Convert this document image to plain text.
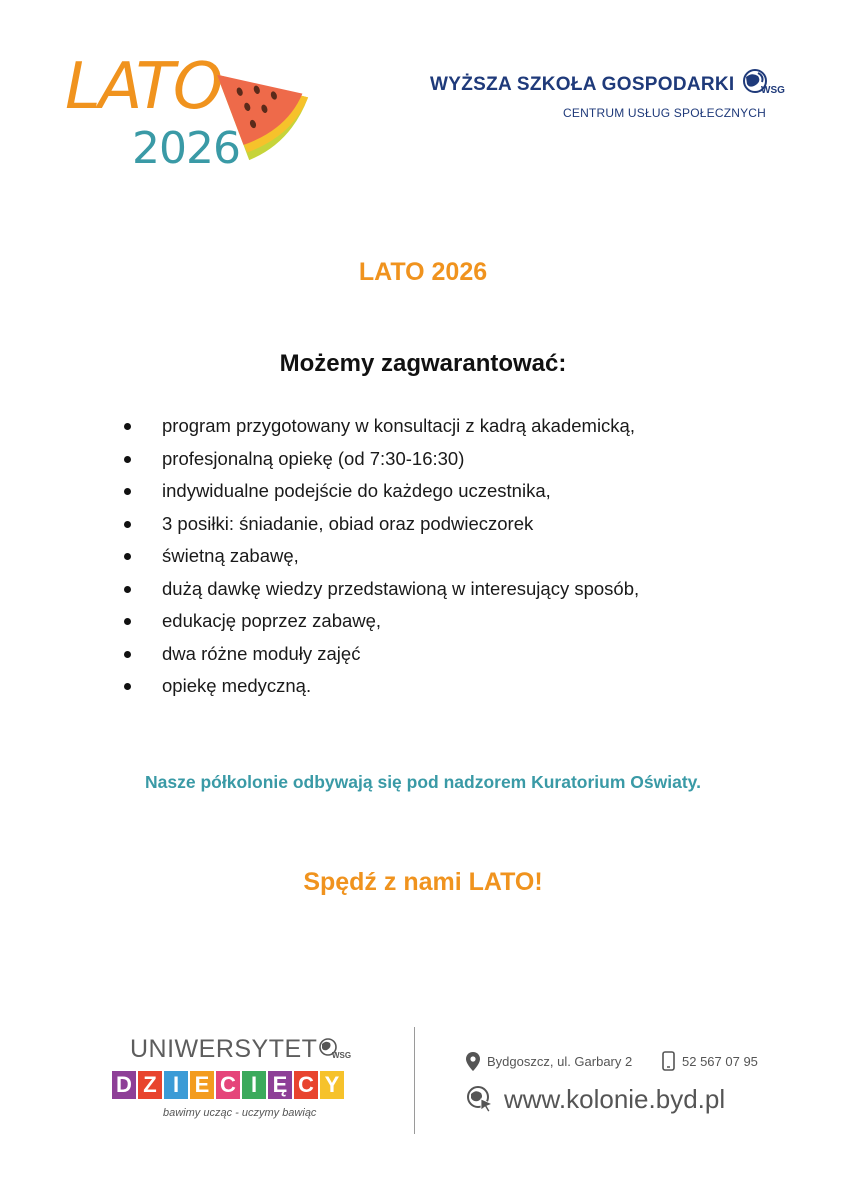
LATO
2026
WYŻSZA SZKOŁA GOSPODARKI	WSG
CENTRUM USŁUG SPOŁECZNYCH
LATO 2026
Możemy zagwarantować:
program przygotowany w konsultacji z kadrą akademicką,
profesjonalną opiekę (od 7:30-16:30)
indywidualne podejście do każdego uczestnika,
3 posiłki: śniadanie, obiad oraz podwieczorek
świetną zabawę,
dużą dawkę wiedzy przedstawioną w interesujący sposób,
edukację poprzez zabawę,
dwa różne moduły zajęć
opiekę medyczną.
Nasze półkolonie odbywają się pod nadzorem Kuratorium Oświaty.
Spędź z nami LATO!
UNIWERSYTET WSG
D Z I E C I Ę C Y
bawimy ucząc - uczymy bawiąc
Bydgoszcz, ul. Garbary 2	52 567 07 95
www.kolonie.byd.pl
